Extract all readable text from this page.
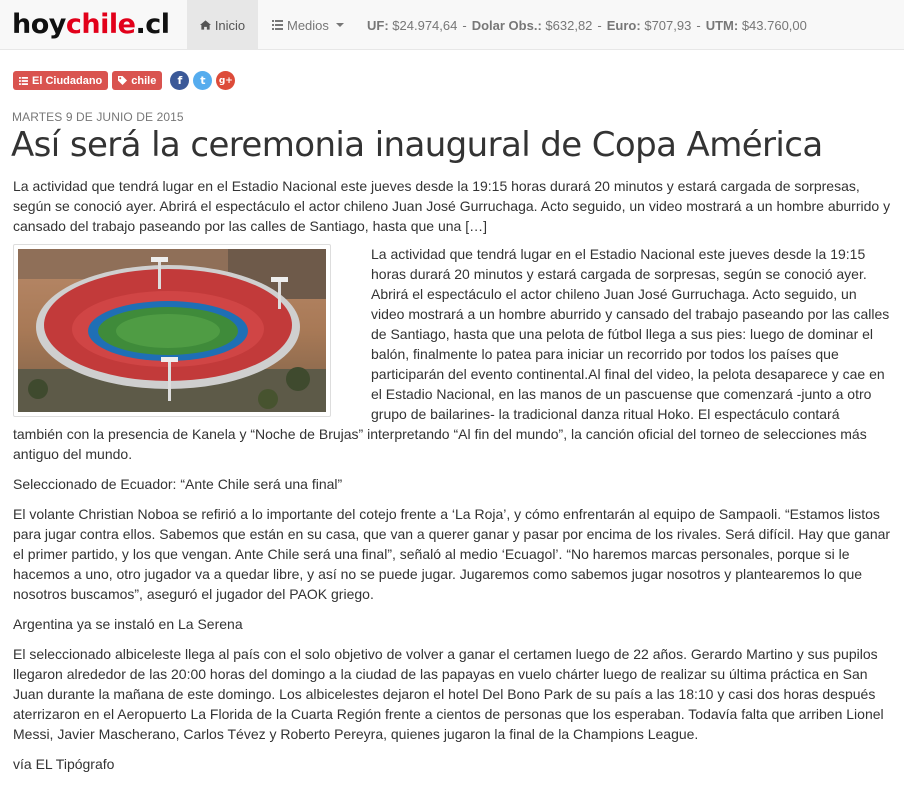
hoychile.cl	Inicio	Medios	UF:
$24.974,64 - Dolar Obs.:
$632,82 - Euro:
$707,93 - UTM:
$43.760,00
El Ciudadano	chile f t g+
MARTES 9 DE JUNIO DE 2015
Así será la ceremonia inaugural de Copa América

La actividad que tendrá lugar en el Estadio Nacional este jueves desde la 19:15 horas durará 20 minutos y estará cargada de sorpresas, según se conoció ayer. Abrirá el espectáculo el actor chileno Juan José Gurruchaga. Acto seguido, un video mostrará a un hombre aburrido y cansado del trabajo paseando por las calles de Santiago, hasta que una […]

La actividad que tendrá lugar en el Estadio Nacional este jueves desde la 19:15 horas durará 20 minutos y estará cargada de sorpresas, según se conoció ayer. Abrirá el espectáculo el actor chileno Juan José Gurruchaga. Acto seguido, un video mostrará a un hombre aburrido y cansado del trabajo paseando por las calles de Santiago, hasta que una pelota de fútbol llega a sus pies: luego de dominar el balón, finalmente lo patea para iniciar un recorrido por todos los países que participarán del evento continental.Al final del video, la pelota desaparece y cae en el Estadio Nacional, en las manos de un pascuense que comenzará -junto a otro grupo de bailarines- la tradicional danza ritual Hoko. El espectáculo contará también con la presencia de Kanela y “Noche de Brujas” interpretando “Al fin del mundo”, la canción oficial del torneo de selecciones más antiguo del mundo.

Seleccionado de Ecuador: “Ante Chile será una final”

El volante Christian Noboa se refirió a lo importante del cotejo frente a ‘La Roja’, y cómo enfrentarán al equipo de Sampaoli. “Estamos listos para jugar contra ellos. Sabemos que están en su casa, que van a querer ganar y pasar por encima de los rivales. Será difícil. Hay que ganar el primer partido, y los que vengan. Ante Chile será una final”, señaló al medio ‘Ecuagol’. “No haremos marcas personales, porque si le hacemos a uno, otro jugador va a quedar libre, y así no se puede jugar. Jugaremos como sabemos jugar nosotros y plantearemos lo que nosotros buscamos”, aseguró el jugador del PAOK griego.

Argentina ya se instaló en La Serena

El seleccionado albiceleste llega al país con el solo objetivo de volver a ganar el certamen luego de 22 años. Gerardo Martino y sus pupilos llegaron alrededor de las 20:00 horas del domingo a la ciudad de las papayas en vuelo chárter luego de realizar su última práctica en San Juan durante la mañana de este domingo. Los albicelestes dejaron el hotel Del Bono Park de su país a las 18:10 y casi dos horas después aterrizaron en el Aeropuerto La Florida de la Cuarta Región frente a cientos de personas que los esperaban. Todavía falta que arriben Lionel Messi, Javier Mascherano, Carlos Tévez y Roberto Pereyra, quienes jugaron la final de la Champions League.

vía EL Tipógrafo
